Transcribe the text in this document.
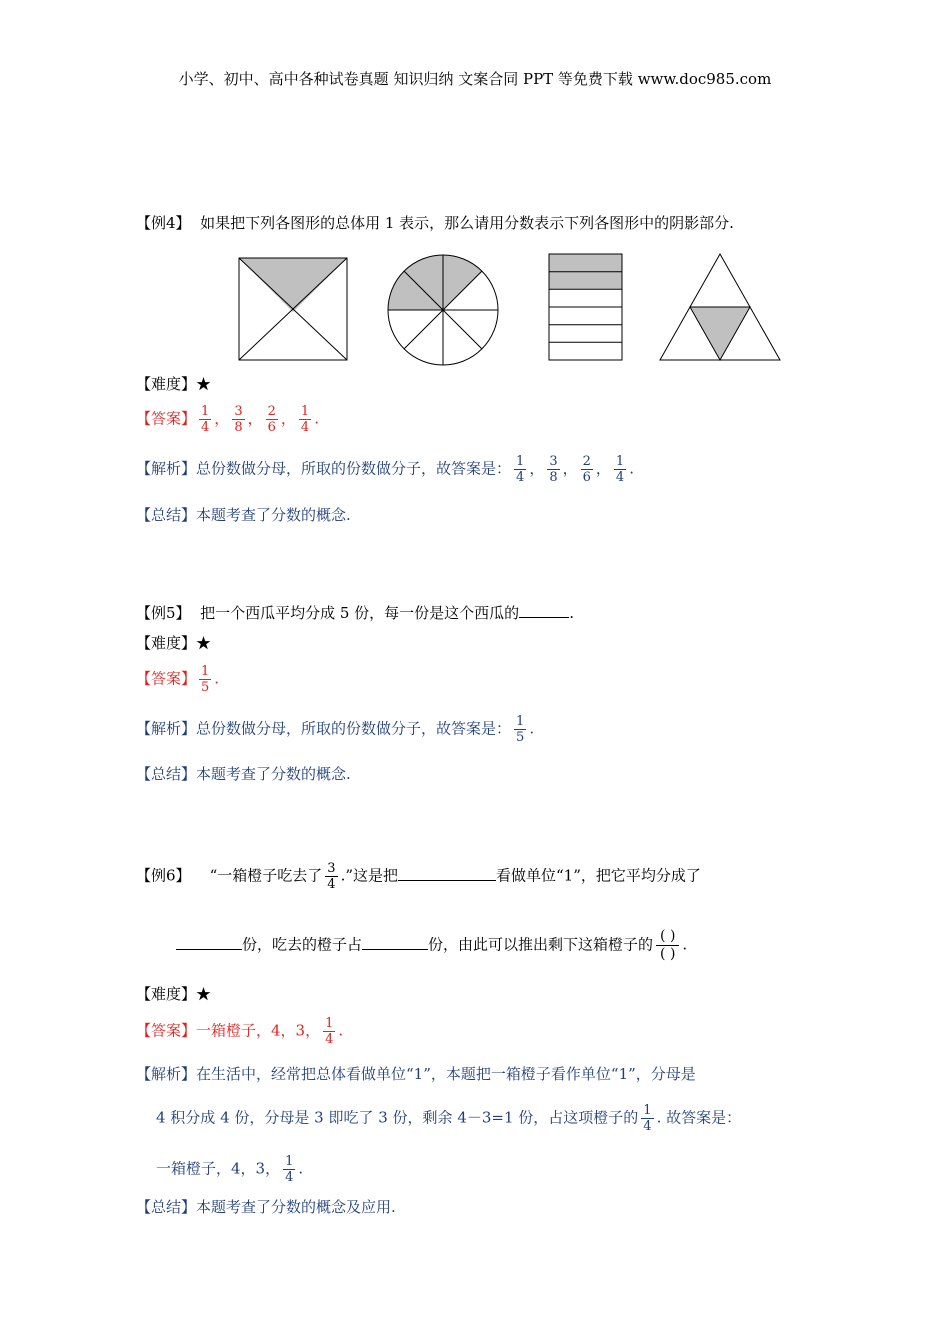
小学、初中、高中各种试卷真题 知识归纳 文案合同 PPT 等免费下载 www.doc985.com
【例4】 如果把下列各图形的总体用 1 表示，那么请用分数表示下列各图形中的阴影部分.
【难度】★
【答案】 $\frac{1}{4}$ ， $\frac{3}{8}$ ， $\frac{2}{6}$ ， $\frac{1}{4}$ .
【解析】总份数做分母，所取的份数做分子，故答案是： $\frac{1}{4}$ ， $\frac{3}{8}$ ， $\frac{2}{6}$ ， $\frac{1}{4}$ .
【总结】本题考查了分数的概念.
【例5】 把一个西瓜平均分成 5 份，每一份是这个西瓜的	.
【难度】★
【答案】 $\frac{1}{5}$ .
【解析】总份数做分母，所取的份数做分子，故答案是： $\frac{1}{5}$ .
【总结】本题考查了分数的概念.
【例6】 “一箱橙子吃去了 $\frac{3}{4}$ .”这是把	看做单位“1”，把它平均分成了
份，吃去的橙子占	份，由此可以推出剩下这箱橙子的 ( )
( )
.
【难度】★
【答案】一箱橙子，4，3， $\frac{1}{4}$ .
【解析】在生活中，经常把总体看做单位“1”，本题把一箱橙子看作单位“1”，分母是
4 积分成 4 份，分母是 3 即吃了 3 份，剩余 4－3=1 份，占这项橙子的 $\frac{1}{4}$ . 故答案是：
一箱橙子，4，3， $\frac{1}{4}$ .
【总结】本题考查了分数的概念及应用.
